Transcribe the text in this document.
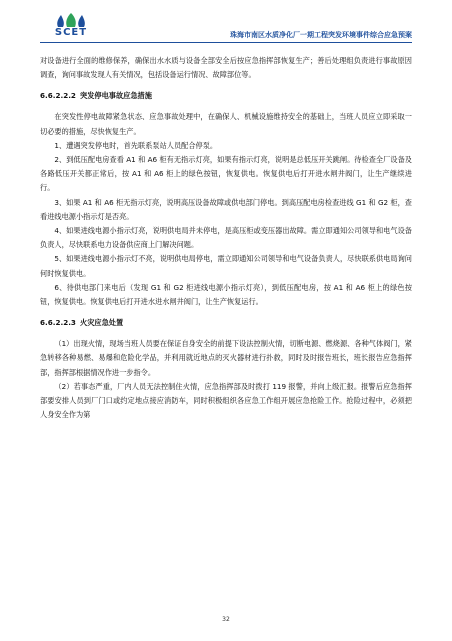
SCET	珠海市南区水质净化厂一期工程突发环境事件综合应急预案

对设备进行全面的维修保养，确保出水水质与设备全部安全后按应急指挥部恢复生产；善后处理组负责进行事故原因调查，询问事故发现人有关情况，包括设备运行情况、故障部位等。

6.6.2.2.2 突发停电事故应急措施

在突发性停电故障紧急状态、应急事故处理中，在确保人、机械设施维持安全的基础上，当班人员应立即采取一切必要的措施，尽快恢复生产。

1、遭遇突发停电时，首先联系泵站人员配合停泵。

2、到低压配电房查看 A1 和 A6 柜有无指示灯亮，如果有指示灯亮，说明是总低压开关跳闸。待检查全厂设备及各路低压开关都正常后，按 A1 和 A6 柜上的绿色按钮，恢复供电。恢复供电后打开进水闸井阀门，让生产继续进行。

3、如果 A1 和 A6 柜无指示灯亮，说明高压设备故障或供电部门停电。到高压配电房检查进线 G1 和 G2 柜，查看进线电源小指示灯是否亮。

4、如果进线电源小指示灯亮，说明供电局并未停电，是高压柜或变压器出故障。需立即通知公司领导和电气设备负责人，尽快联系电力设备供应商上门解决问题。

5、如果进线电源小指示灯不亮，说明供电局停电，需立即通知公司领导和电气设备负责人，尽快联系供电局询问何时恢复供电。

6、待供电部门来电后（发现 G1 和 G2 柜进线电源小指示灯亮），到低压配电房，按 A1 和 A6 柜上的绿色按钮，恢复供电。恢复供电后打开进水进水闸井阀门，让生产恢复运行。

6.6.2.2.3 火灾应急处置

（1）出现火情，现场当班人员要在保证自身安全的前提下设法控制火情，切断电源、燃烧源、各种气体阀门，紧急转移各种易燃、易爆和危险化学品，并利用就近地点的灭火器材进行扑救，同时及时报告班长，班长报告应急指挥部，指挥部根据情况作进一步指令。

（2）若事态严重，厂内人员无法控制住火情，应急指挥部及时拨打 119 报警，并向上级汇报。报警后应急指挥部要安排人员到厂门口或约定地点接应消防车，同时积极组织各应急工作组开展应急抢险工作。抢险过程中，必须把人身安全作为第

32
